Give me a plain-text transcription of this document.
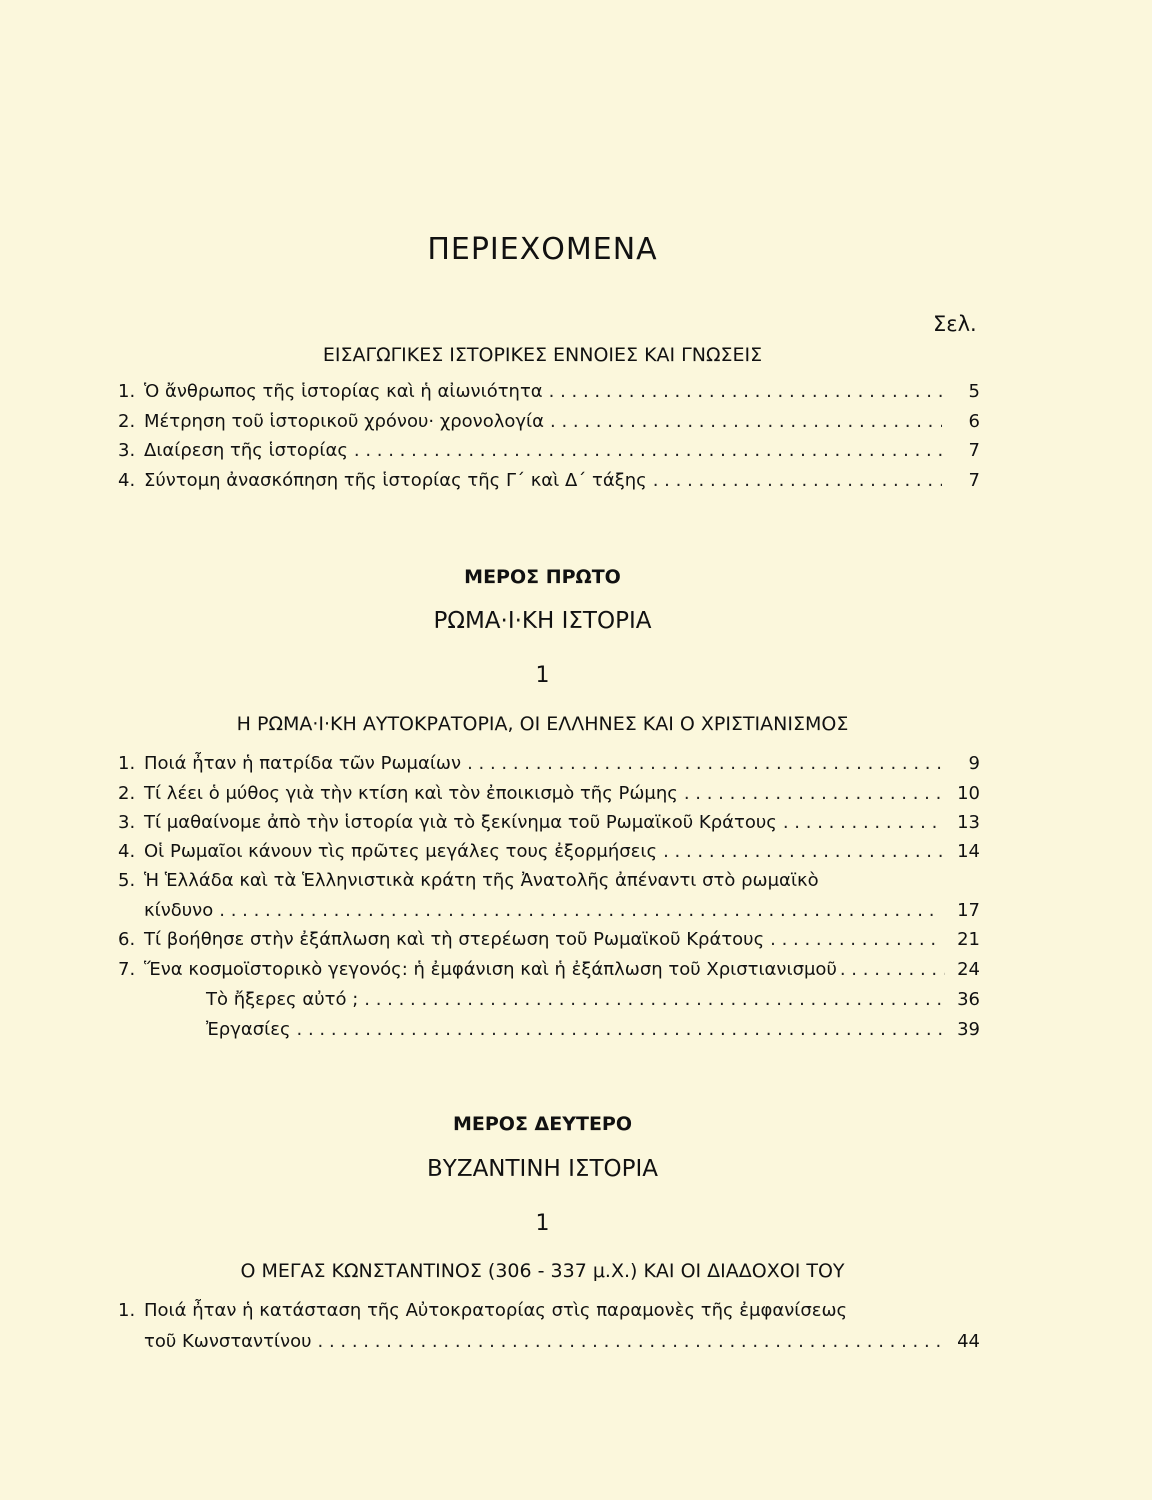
ΠΕΡΙΕΧΟΜΕΝΑ
Σελ.
ΕΙΣΑΓΩΓΙΚΕΣ ΙΣΤΟΡΙΚΕΣ ΕΝΝΟΙΕΣ ΚΑΙ ΓΝΩΣΕΙΣ
1. Ὁ ἄνθρωπος τῆς ἱστορίας καὶ ἡ αἰωνιότητα . . .	5
2. Μέτρηση τοῦ ἱστορικοῦ χρόνου· χρονολογία . . .	6
3. Διαίρεση τῆς ἱστορίας . . .	7
4. Σύντομη ἀνασκόπηση τῆς ἱστορίας τῆς Γ΄ καὶ Δ΄ τάξης . . .	7
ΜΕΡΟΣ ΠΡΩΤΟ
ΡΩΜΑ·Ι·ΚΗ ΙΣΤΟΡΙΑ
1
Η ΡΩΜΑ·Ι·ΚΗ ΑΥΤΟΚΡΑΤΟΡΙΑ, ΟΙ ΕΛΛΗΝΕΣ ΚΑΙ Ο ΧΡΙΣΤΙΑΝΙΣΜΟΣ
1. Ποιά ἦταν ἡ πατρίδα τῶν Ρωμαίων . . .	9
2. Τί λέει ὁ μύθος γιὰ τὴν κτίση καὶ τὸν ἐποικισμὸ τῆς Ρώμης . . .	10
3. Τί μαθαίνομε ἀπὸ τὴν ἱστορία γιὰ τὸ ξεκίνημα τοῦ Ρωμαϊκοῦ Κράτους . . .	13
4. Οἱ Ρωμαῖοι κάνουν τὶς πρῶτες μεγάλες τους ἐξορμήσεις . . .	14
5. Ἡ Ἑλλάδα καὶ τὰ Ἑλληνιστικὰ κράτη τῆς Ἀνατολῆς ἀπέναντι στὸ ρωμαϊκὸ
κίνδυνο . . .	17
6. Τί βοήθησε στὴν ἐξάπλωση καὶ τὴ στερέωση τοῦ Ρωμαϊκοῦ Κράτους . . .	21
7. Ἕνα κοσμοϊστορικὸ γεγονός: ἡ ἐμφάνιση καὶ ἡ ἐξάπλωση τοῦ Χριστιανισμοῦ . . .	24
Τὸ ἤξερες αὐτό ; . . .	36
Ἐργασίες . . .	39
ΜΕΡΟΣ ΔΕΥΤΕΡΟ
ΒΥΖΑΝΤΙΝΗ ΙΣΤΟΡΙΑ
1
Ο ΜΕΓΑΣ ΚΩΝΣΤΑΝΤΙΝΟΣ (306 - 337 μ.Χ.) ΚΑΙ ΟΙ ΔΙΑΔΟΧΟΙ ΤΟΥ
1. Ποιά ἦταν ἡ κατάσταση τῆς Αὐτοκρατορίας στὶς παραμονὲς τῆς ἐμφανίσεως
τοῦ Κωνσταντίνου . . .	44
